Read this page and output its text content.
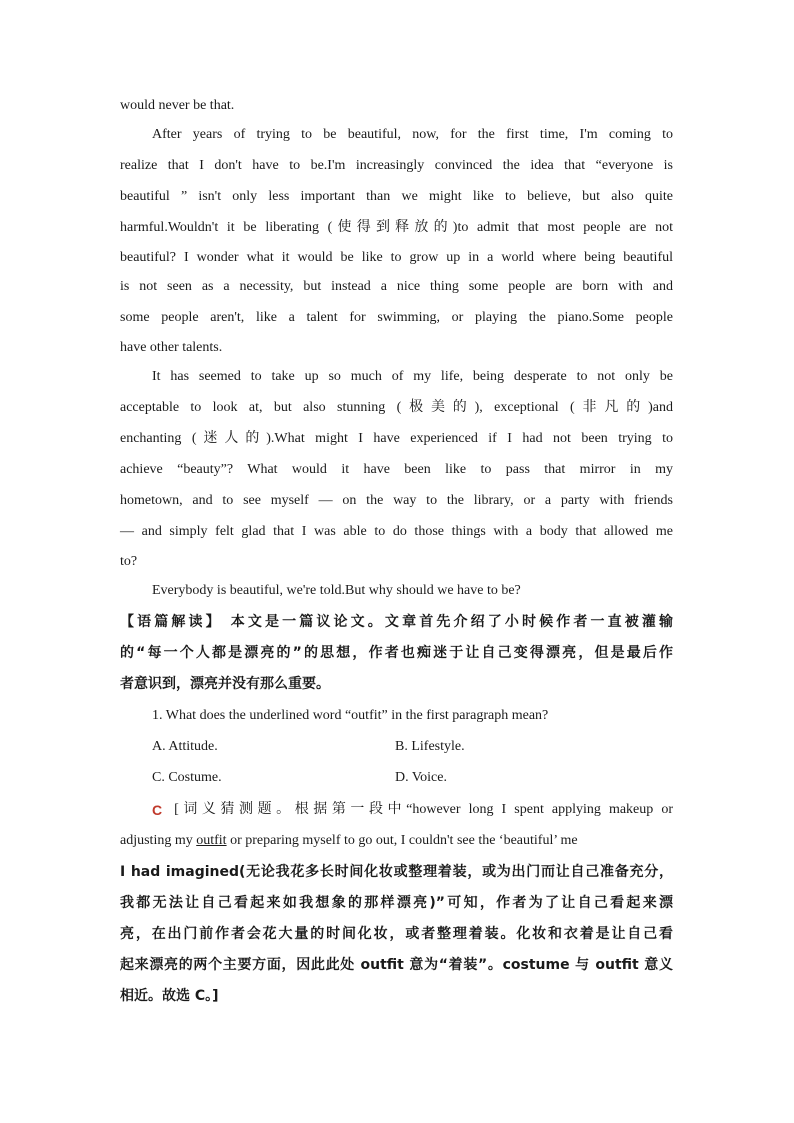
would never be that.
After years of trying to be beautiful, now, for the first time, I'm coming to
realize that I don't have to be.I'm increasingly convinced the idea that “everyone is
beautiful ” isn't only less important than we might like to believe, but also quite
harmful.Wouldn't it be liberating (使得到释放的)to admit that most people are not
beautiful? I wonder what it would be like to grow up in a world where being beautiful
is not seen as a necessity, but instead a nice thing some people are born with and
some people aren't, like a talent for swimming, or playing the piano.Some people
have other talents.
It has seemed to take up so much of my life, being desperate to not only be
acceptable to look at, but also stunning (极美的), exceptional (非凡的)and
enchanting (迷人的).What might I have experienced if I had not been trying to
achieve “beauty”? What would it have been like to pass that mirror in my
hometown, and to see myself — on the way to the library, or a party with friends
— and simply felt glad that I was able to do those things with a body that allowed me
to?
Everybody is beautiful, we're told.But why should we have to be?
【语篇解读】 本文是一篇议论文。文章首先介绍了小时候作者一直被灌输
的“每一个人都是漂亮的”的思想，作者也痴迷于让自己变得漂亮，但是最后作
者意识到，漂亮并没有那么重要。
1. What does the underlined word “outfit” in the first paragraph mean?
A. Attitude.	B. Lifestyle.
C. Costume.	D. Voice.
C [词义猜测题。根据第一段中“however long I spent applying makeup or
adjusting my outfit or preparing myself to go out, I couldn't see the ‘beautiful’ me
I had imagined(无论我花多长时间化妆或整理着装，或为出门而让自己准备充分，
我都无法让自己看起来如我想象的那样漂亮)”可知，作者为了让自己看起来漂
亮，在出门前作者会花大量的时间化妆，或者整理着装。化妆和衣着是让自己看
起来漂亮的两个主要方面，因此此处 outfit 意为“着装”。costume 与 outfit 意义
相近。故选 C。]
